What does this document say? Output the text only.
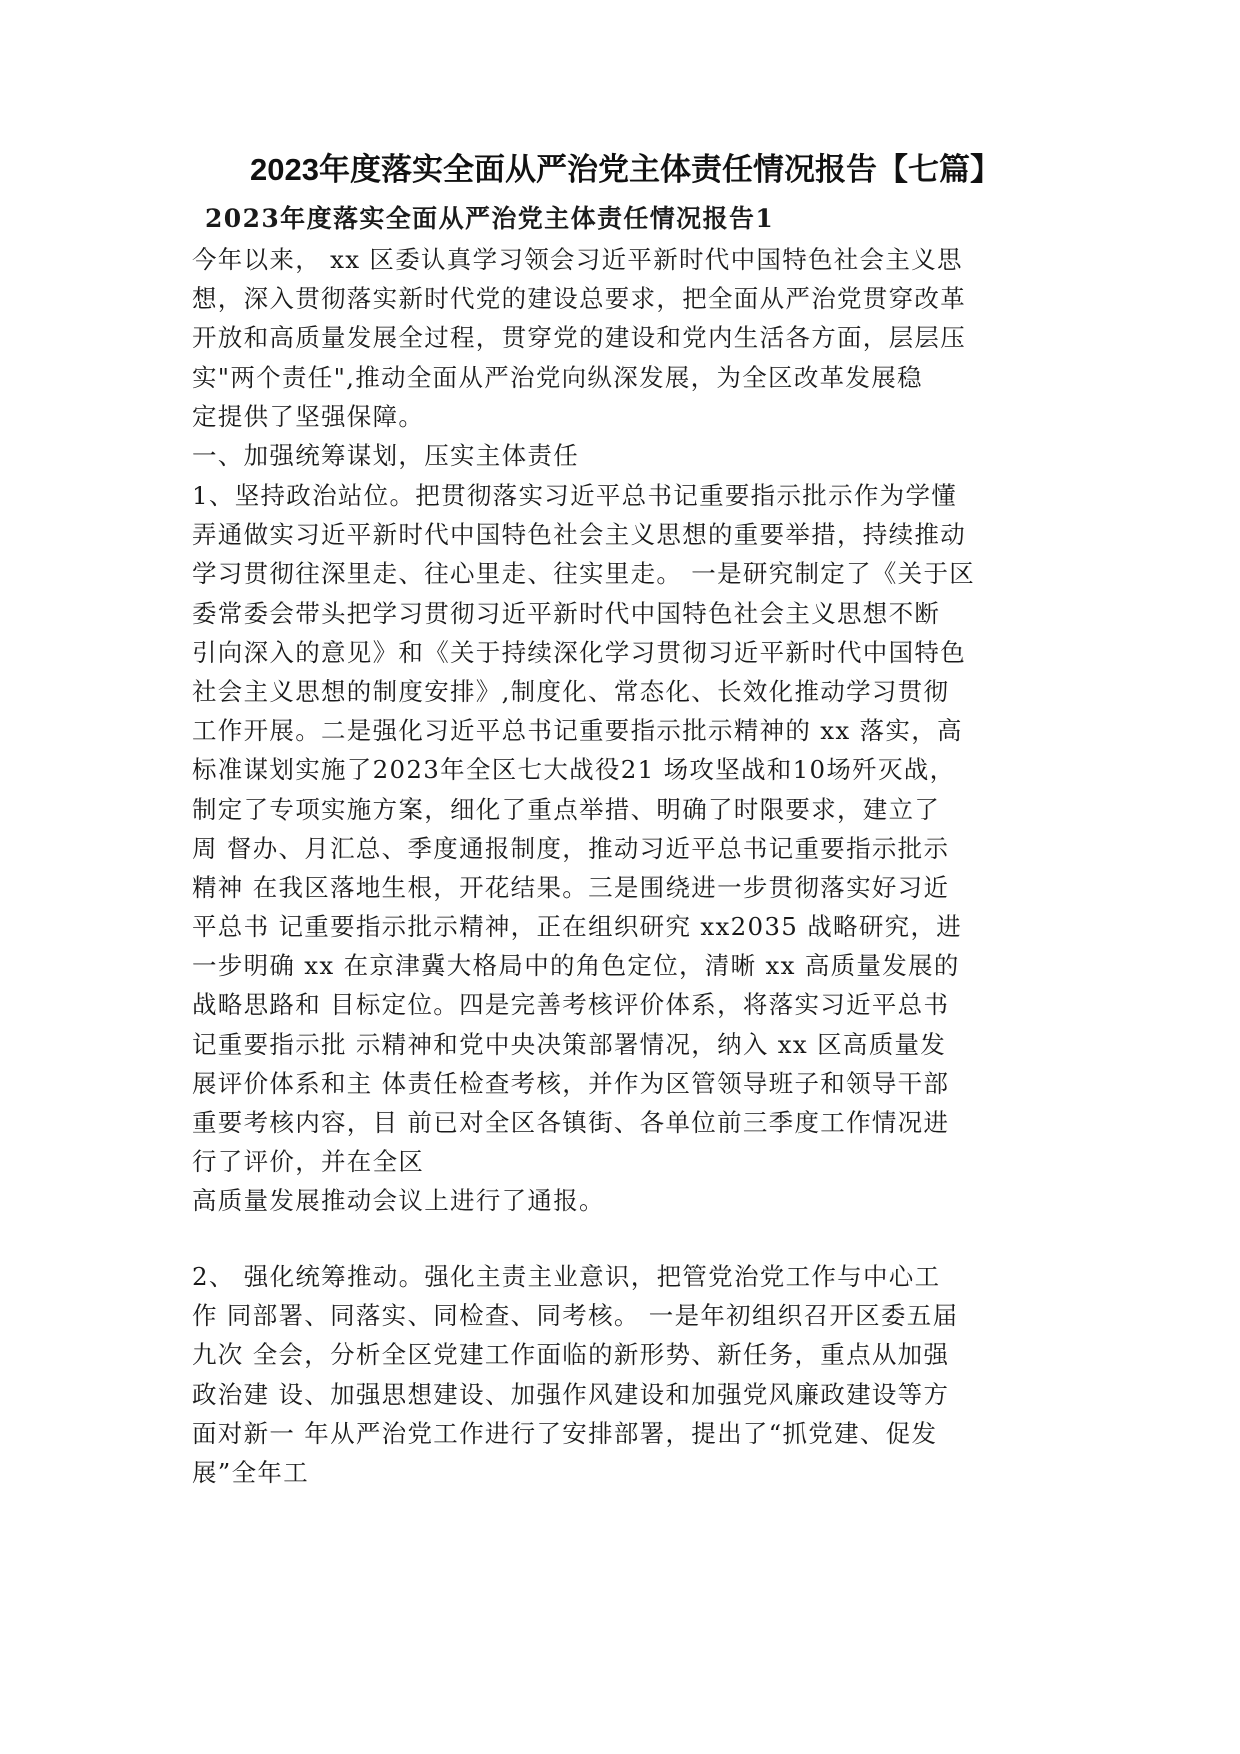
2023年度落实全面从严治党主体责任情况报告【七篇】
2023年度落实全面从严治党主体责任情况报告1
今年以来， xx 区委认真学习领会习近平新时代中国特色社会主义思
想，深入贯彻落实新时代党的建设总要求，把全面从严治党贯穿改革
开放和高质量发展全过程，贯穿党的建设和党内生活各方面，层层压
实"两个责任",推动全面从严治党向纵深发展，为全区改革发展稳
定提供了坚强保障。
一、加强统筹谋划，压实主体责任
1、坚持政治站位。把贯彻落实习近平总书记重要指示批示作为学懂
弄通做实习近平新时代中国特色社会主义思想的重要举措，持续推动
学习贯彻往深里走、往心里走、往实里走。 一是研究制定了《关于区
委常委会带头把学习贯彻习近平新时代中国特色社会主义思想不断
引向深入的意见》和《关于持续深化学习贯彻习近平新时代中国特色
社会主义思想的制度安排》,制度化、常态化、长效化推动学习贯彻
工作开展。二是强化习近平总书记重要指示批示精神的 xx 落实，高
标准谋划实施了2023年全区七大战役21 场攻坚战和10场歼灭战，
制定了专项实施方案，细化了重点举措、明确了时限要求，建立了
周 督办、月汇总、季度通报制度，推动习近平总书记重要指示批示
精神 在我区落地生根，开花结果。三是围绕进一步贯彻落实好习近
平总书 记重要指示批示精神，正在组织研究 xx2035 战略研究，进
一步明确 xx 在京津冀大格局中的角色定位，清晰 xx 高质量发展的
战略思路和 目标定位。四是完善考核评价体系，将落实习近平总书
记重要指示批 示精神和党中央决策部署情况，纳入 xx 区高质量发
展评价体系和主 体责任检查考核，并作为区管领导班子和领导干部
重要考核内容，目 前已对全区各镇街、各单位前三季度工作情况进
行了评价，并在全区
高质量发展推动会议上进行了通报。
2、 强化统筹推动。强化主责主业意识，把管党治党工作与中心工
作 同部署、同落实、同检查、同考核。 一是年初组织召开区委五届
九次 全会，分析全区党建工作面临的新形势、新任务，重点从加强
政治建 设、加强思想建设、加强作风建设和加强党风廉政建设等方
面对新一 年从严治党工作进行了安排部署，提出了“抓党建、促发
展”全年工
